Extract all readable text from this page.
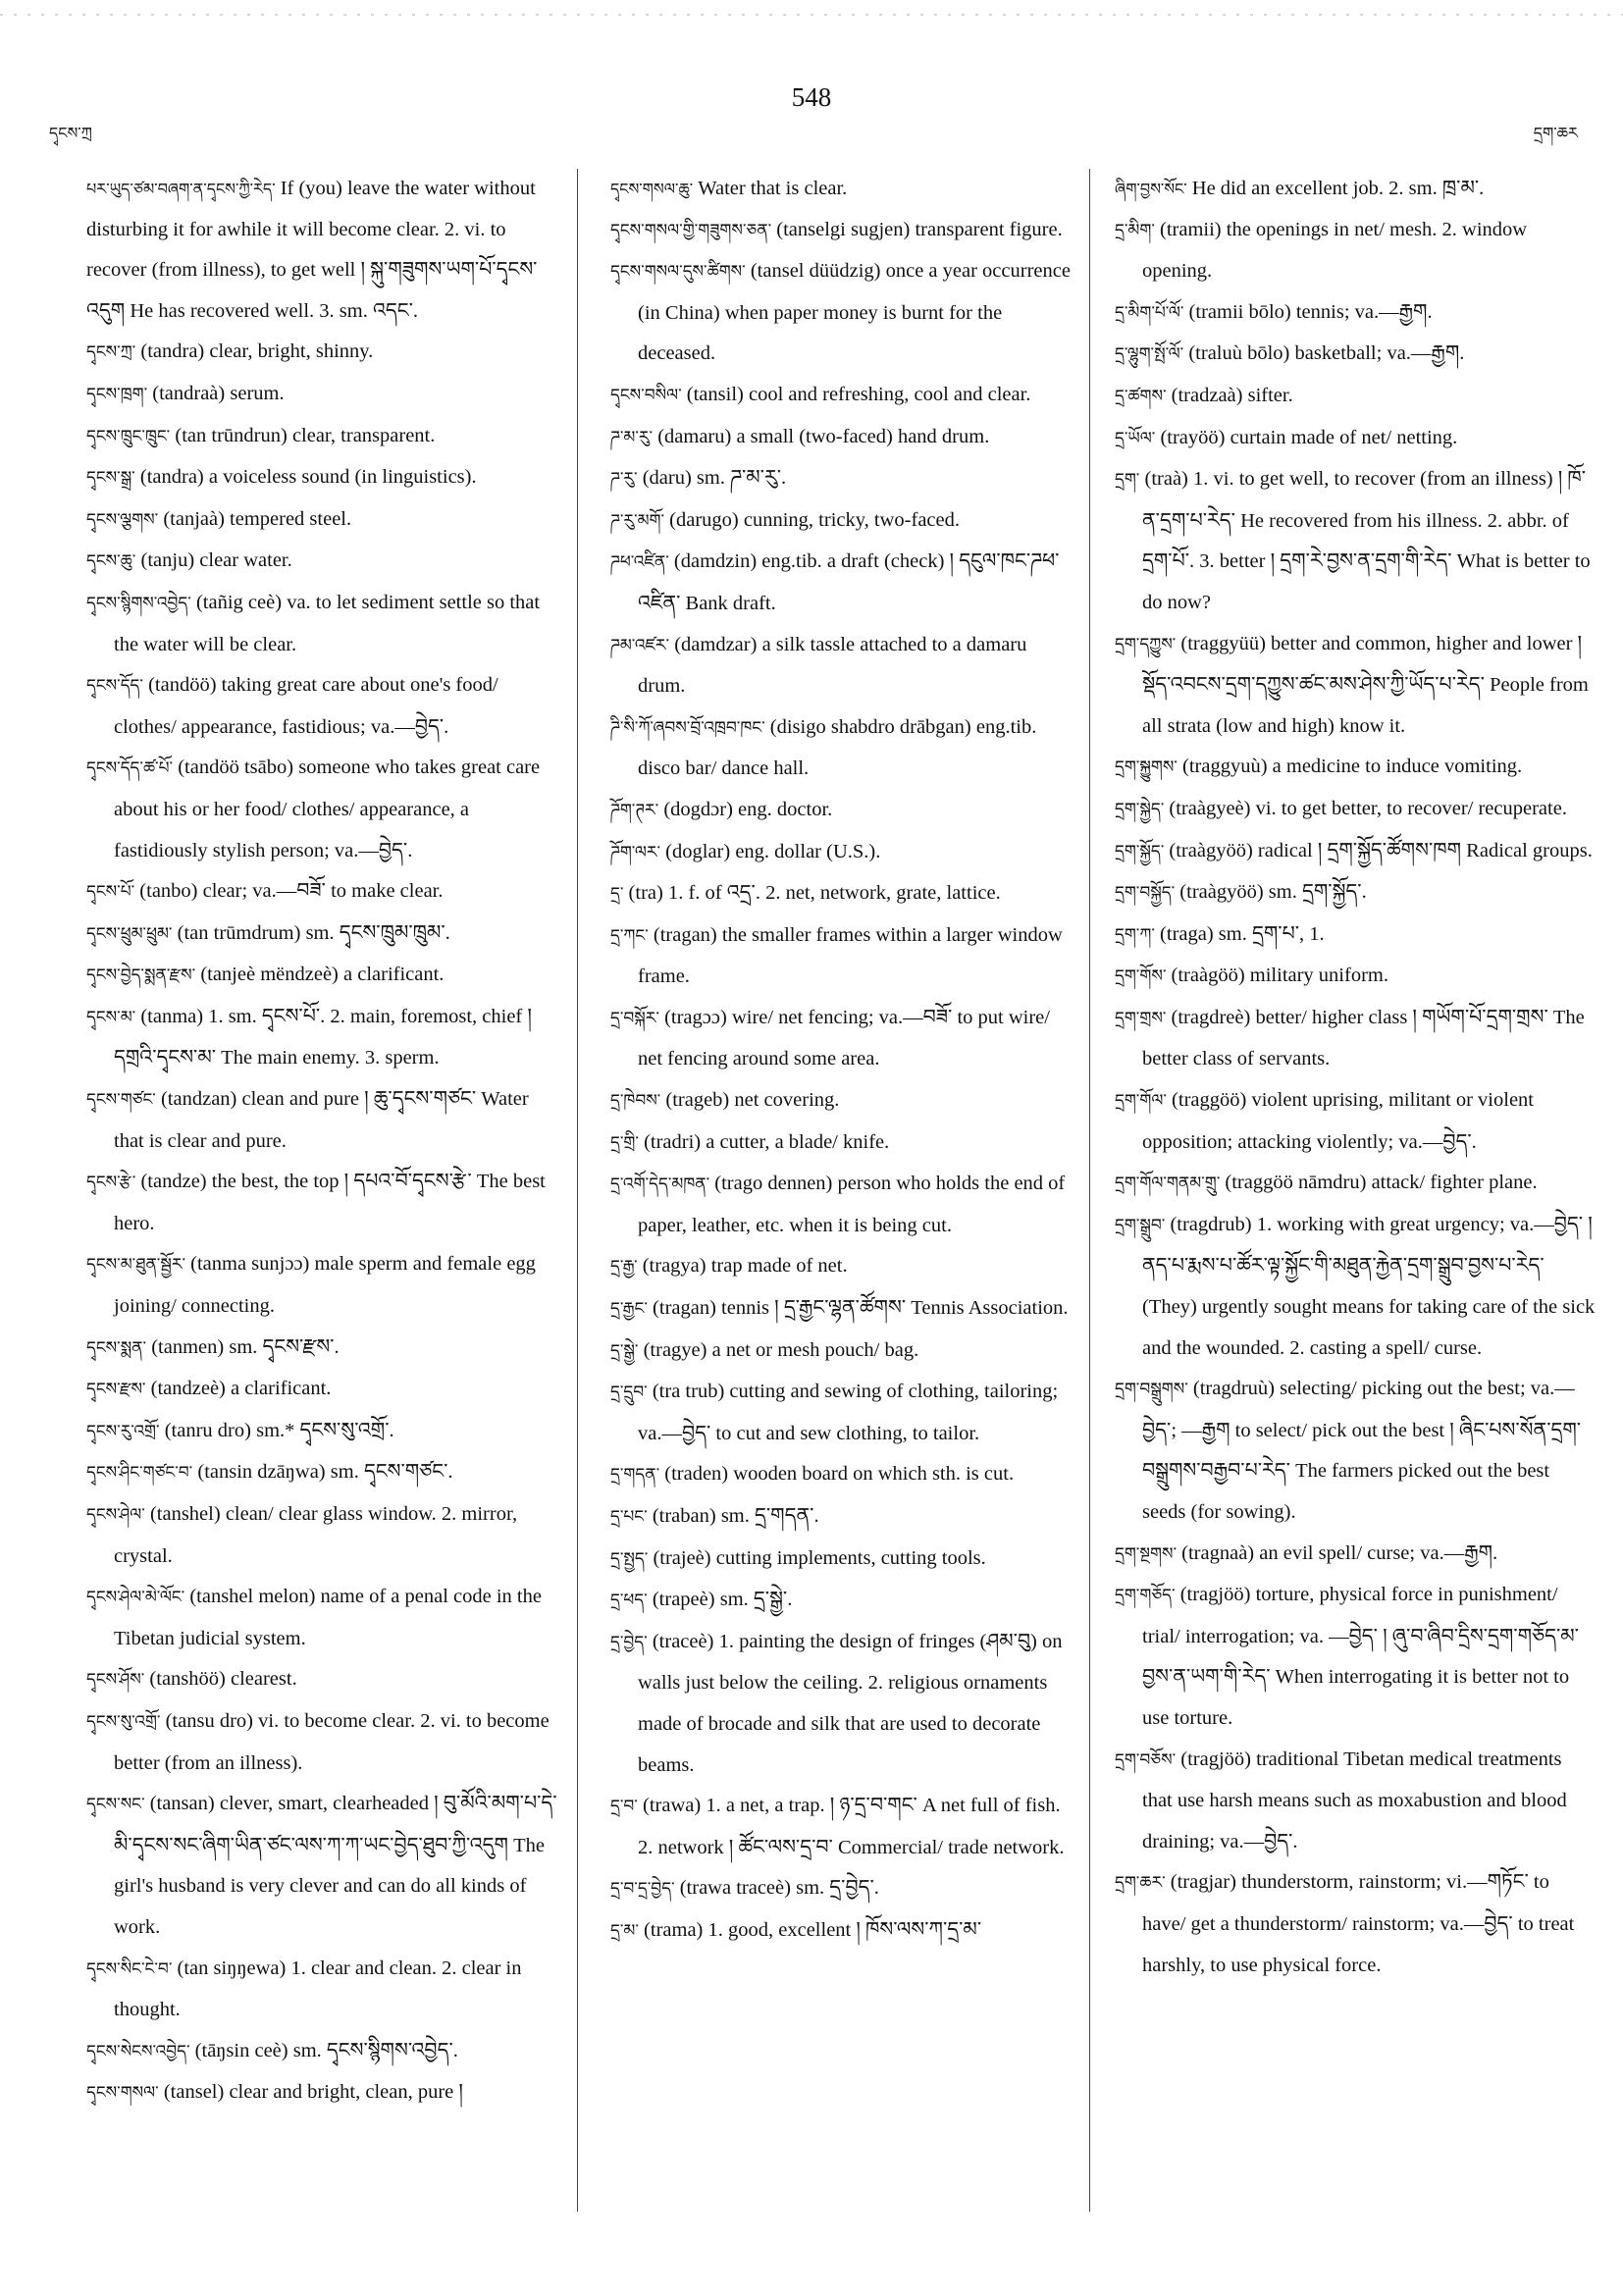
548
དྭངས་ཀྲ	དྲག་ཆར

པར་ཡུད་ཙམ་བཞག་ན་དྭངས་ཀྱི་རེད་ If (you) leave the water without disturbing it for awhile it will become clear. 2. vi. to recover (from illness), to get well ། སྐུ་གཟུགས་ཡག་པོ་དྭངས་འདུག He has recovered well. 3. sm. འདང་.

དྭངས་ཀྲ་ (tandra) clear, bright, shinny.

དྭངས་ཁྲག་ (tandraà) serum.

དྭངས་ཁྲུང་ཁྲུང་ (tan trūndrun) clear, transparent.

དྭངས་སྒྲ་ (tandra) a voiceless sound (in linguistics).

དྭངས་ལྕགས་ (tanjaà) tempered steel.

དྭངས་ཆུ་ (tanju) clear water.

དྭངས་སྙིགས་འབྱེད་ (tañig ceè) va. to let sediment settle so that the water will be clear.

དྭངས་དོད་ (tandöö) taking great care about one's food/ clothes/ appearance, fastidious; va.—བྱེད་.

དྭངས་དོད་ཚ་པོ་ (tandöö tsābo) someone who takes great care about his or her food/ clothes/ appearance, a fastidiously stylish person; va.—བྱེད་.

དྭངས་པོ་ (tanbo) clear; va.—བཟོ་ to make clear.

དྭངས་ཕྲུམ་ཕྲུམ་ (tan trūmdrum) sm. དྭངས་ཁྲུམ་ཁྲུམ་.

དྭངས་བྱེད་སྨན་རྫས་ (tanjeè mëndzeè) a clarificant.

དྭངས་མ་ (tanma) 1. sm. དྭངས་པོ་. 2. main, foremost, chief ། དགྲའི་དྭངས་མ་ The main enemy. 3. sperm.

དྭངས་གཙང་ (tandzan) clean and pure ། ཆུ་དྭངས་གཙང་ Water that is clear and pure.

དྭངས་རྩེ་ (tandze) the best, the top ། དཔའ་བོ་དྭངས་རྩེ་ The best hero.

དྭངས་མ་ཐུན་སྦྱོར་ (tanma sunjɔɔ) male sperm and female egg joining/ connecting.

དྭངས་སྨན་ (tanmen) sm. དྭངས་རྫས་.

དྭངས་རྫས་ (tandzeè) a clarificant.

དྭངས་རུ་འགྲོ་ (tanru dro) sm.* དྭངས་སུ་འགྲོ་.

དྭངས་ཤིང་གཙང་བ་ (tansin dzāŋwa) sm. དྭངས་གཙང་.

དྭངས་ཤེལ་ (tanshel) clean/ clear glass window. 2. mirror, crystal.

དྭངས་ཤེལ་མེ་ལོང་ (tanshel melon) name of a penal code in the Tibetan judicial system.

དྭངས་ཤོས་ (tanshöö) clearest.

དྭངས་སུ་འགྲོ་ (tansu dro) vi. to become clear. 2. vi. to become better (from an illness).

དྭངས་སང་ (tansan) clever, smart, clearheaded ། བུ་མོའི་མག་པ་དེ་མི་དྭངས་སང་ཞིག་ཡིན་ཙང་ལས་ཀ་ཀ་ཡང་བྱེད་ཐུབ་ཀྱི་འདུག The girl's husband is very clever and can do all kinds of work.

དྭངས་སིང་ངེ་བ་ (tan siŋŋewa) 1. clear and clean. 2. clear in thought.

དྭངས་སེངས་འབྱེད་ (tāŋsin ceè) sm. དྭངས་སྙིགས་འབྱེད་.

དྭངས་གསལ་ (tansel) clear and bright, clean, pure །

དྭངས་གསལ་ཆུ་ Water that is clear.

དྭངས་གསལ་གྱི་གཟུགས་ཅན་ (tanselgi sugjen) transparent figure.

དྭངས་གསལ་དུས་ཚིགས་ (tansel düüdzig) once a year occurrence (in China) when paper money is burnt for the deceased.

དྭངས་བསིལ་ (tansil) cool and refreshing, cool and clear.

ཌ་མ་རུ་ (damaru) a small (two-faced) hand drum.

ཌ་རུ་ (daru) sm. ཌ་མ་རུ་.

ཌ་རུ་མགོ་ (darugo) cunning, tricky, two-faced.

ཌཕ་འཛིན་ (damdzin) eng.tib. a draft (check) ། དངུལ་ཁང་ཌཕ་འཛིན་ Bank draft.

ཌམ་འཛར་ (damdzar) a silk tassle attached to a damaru drum.

ཌི་སི་ཀོ་ཞབས་བྲོ་འཁྲབ་ཁང་ (disigo shabdro drābgan) eng.tib. disco bar/ dance hall.

ཌོག་ཊར་ (dogdɔr) eng. doctor.

ཌོག་ལར་ (doglar) eng. dollar (U.S.).

དྲ་ (tra) 1. f. of འདྲ་. 2. net, network, grate, lattice.

དྲ་ཀང་ (tragan) the smaller frames within a larger window frame.

དྲ་བསྐོར་ (tragɔɔ) wire/ net fencing; va.—བཟོ་ to put wire/ net fencing around some area.

དྲ་ཁེབས་ (trageb) net covering.

དྲ་གྲི་ (tradri) a cutter, a blade/ knife.

དྲ་འགོ་དེད་མཁན་ (trago dennen) person who holds the end of paper, leather, etc. when it is being cut.

དྲ་རྒྱ་ (tragya) trap made of net.

དྲ་རྒྱང་ (tragan) tennis ། དྲ་རྒྱང་ལྷན་ཚོགས་ Tennis Association.

དྲ་སྒྱེ་ (tragye) a net or mesh pouch/ bag.

དྲ་དྲུབ་ (tra trub) cutting and sewing of clothing, tailoring; va.—བྱེད་ to cut and sew clothing, to tailor.

དྲ་གདན་ (traden) wooden board on which sth. is cut.

དྲ་པང་ (traban) sm. དྲ་གདན་.

དྲ་སྤྱད་ (trajeè) cutting implements, cutting tools.

དྲ་ཕད་ (trapeè) sm. དྲ་སྒྱེ་.

དྲ་བྱེད་ (traceè) 1. painting the design of fringes (ཤམ་བུ) on walls just below the ceiling. 2. religious ornaments made of brocade and silk that are used to decorate beams.

དྲ་བ་ (trawa) 1. a net, a trap. ། ཉ་དྲ་བ་གང་ A net full of fish. 2. network ། ཚོང་ལས་དྲ་བ་ Commercial/ trade network.

དྲ་བ་དྲ་བྱེད་ (trawa traceè) sm. དྲ་བྱེད་.

དྲ་མ་ (trama) 1. good, excellent ། ཁོས་ལས་ཀ་དྲ་མ་

ཞིག་བྱས་སོང་ He did an excellent job. 2. sm. ཁྲ་མ་.

དྲ་མིག་ (tramii) the openings in net/ mesh. 2. window opening.

དྲ་མིག་པོ་ལོ་ (tramii bōlo) tennis; va.—རྒྱག.

དྲ་ལྷུག་སྤོ་ལོ་ (traluù bōlo) basketball; va.—རྒྱག.

དྲ་ཚགས་ (tradzaà) sifter.

དྲ་ཡོལ་ (trayöö) curtain made of net/ netting.

དྲག་ (traà) 1. vi. to get well, to recover (from an illness) ། ཁོ་ན་དྲག་པ་རེད་ He recovered from his illness. 2. abbr. of དྲག་པོ་. 3. better ། དྲག་རེ་བྱས་ན་དྲག་གི་རེད་ What is better to do now?

དྲག་དཀྱུས་ (traggyüü) better and common, higher and lower ། སྡོད་འབངས་དྲག་དཀྱུས་ཚང་མས་ཤེས་ཀྱི་ཡོད་པ་རེད་ People from all strata (low and high) know it.

དྲག་སྐྱུགས་ (traggyuù) a medicine to induce vomiting.

དྲག་སྐྱེད་ (traàgyeè) vi. to get better, to recover/ recuperate.

དྲག་སྐྱོད་ (traàgyöö) radical ། དྲག་སྐྱོད་ཚོགས་ཁག Radical groups.

དྲག་བསྐྱོད་ (traàgyöö) sm. དྲག་སྐྱོད་.

དྲག་ཀ་ (traga) sm. དྲག་པ་, 1.

དྲག་གོས་ (traàgöö) military uniform.

དྲག་གྲས་ (tragdreè) better/ higher class ། གཡོག་པོ་དྲག་གྲས་ The better class of servants.

དྲག་གོལ་ (traggöö) violent uprising, militant or violent opposition; attacking violently; va.—བྱེད་.

དྲག་གོལ་གནམ་གྲུ་ (traggöö nāmdru) attack/ fighter plane.

དྲག་སྒྲུབ་ (tragdrub) 1. working with great urgency; va.—བྱེད་ ། ནད་པ་རྨས་པ་ཚོར་ལྟ་སྐྱོང་གི་མཐུན་རྐྱེན་དྲག་སྒྲུབ་བྱས་པ་རེད་ (They) urgently sought means for taking care of the sick and the wounded. 2. casting a spell/ curse.

དྲག་བསྒྲུགས་ (tragdruù) selecting/ picking out the best; va.—བྱེད་; —རྒྱག to select/ pick out the best ། ཞིང་པས་སོན་དྲག་བསྒྲུགས་བརྒྱབ་པ་རེད་ The farmers picked out the best seeds (for sowing).

དྲག་སྔགས་ (tragnaà) an evil spell/ curse; va.—རྒྱག.

དྲག་གཅོད་ (tragjöö) torture, physical force in punishment/ trial/ interrogation; va. —བྱེད་ ། ཞུ་བ་ཞིབ་དྲིས་དྲག་གཅོད་མ་བྱས་ན་ཡག་གི་རེད་ When interrogating it is better not to use torture.

དྲག་བཅོས་ (tragjöö) traditional Tibetan medical treatments that use harsh means such as moxabustion and blood draining; va.—བྱེད་.

དྲག་ཆར་ (tragjar) thunderstorm, rainstorm; vi.—གཏོང་ to have/ get a thunderstorm/ rainstorm; va.—བྱེད་ to treat harshly, to use physical force.
